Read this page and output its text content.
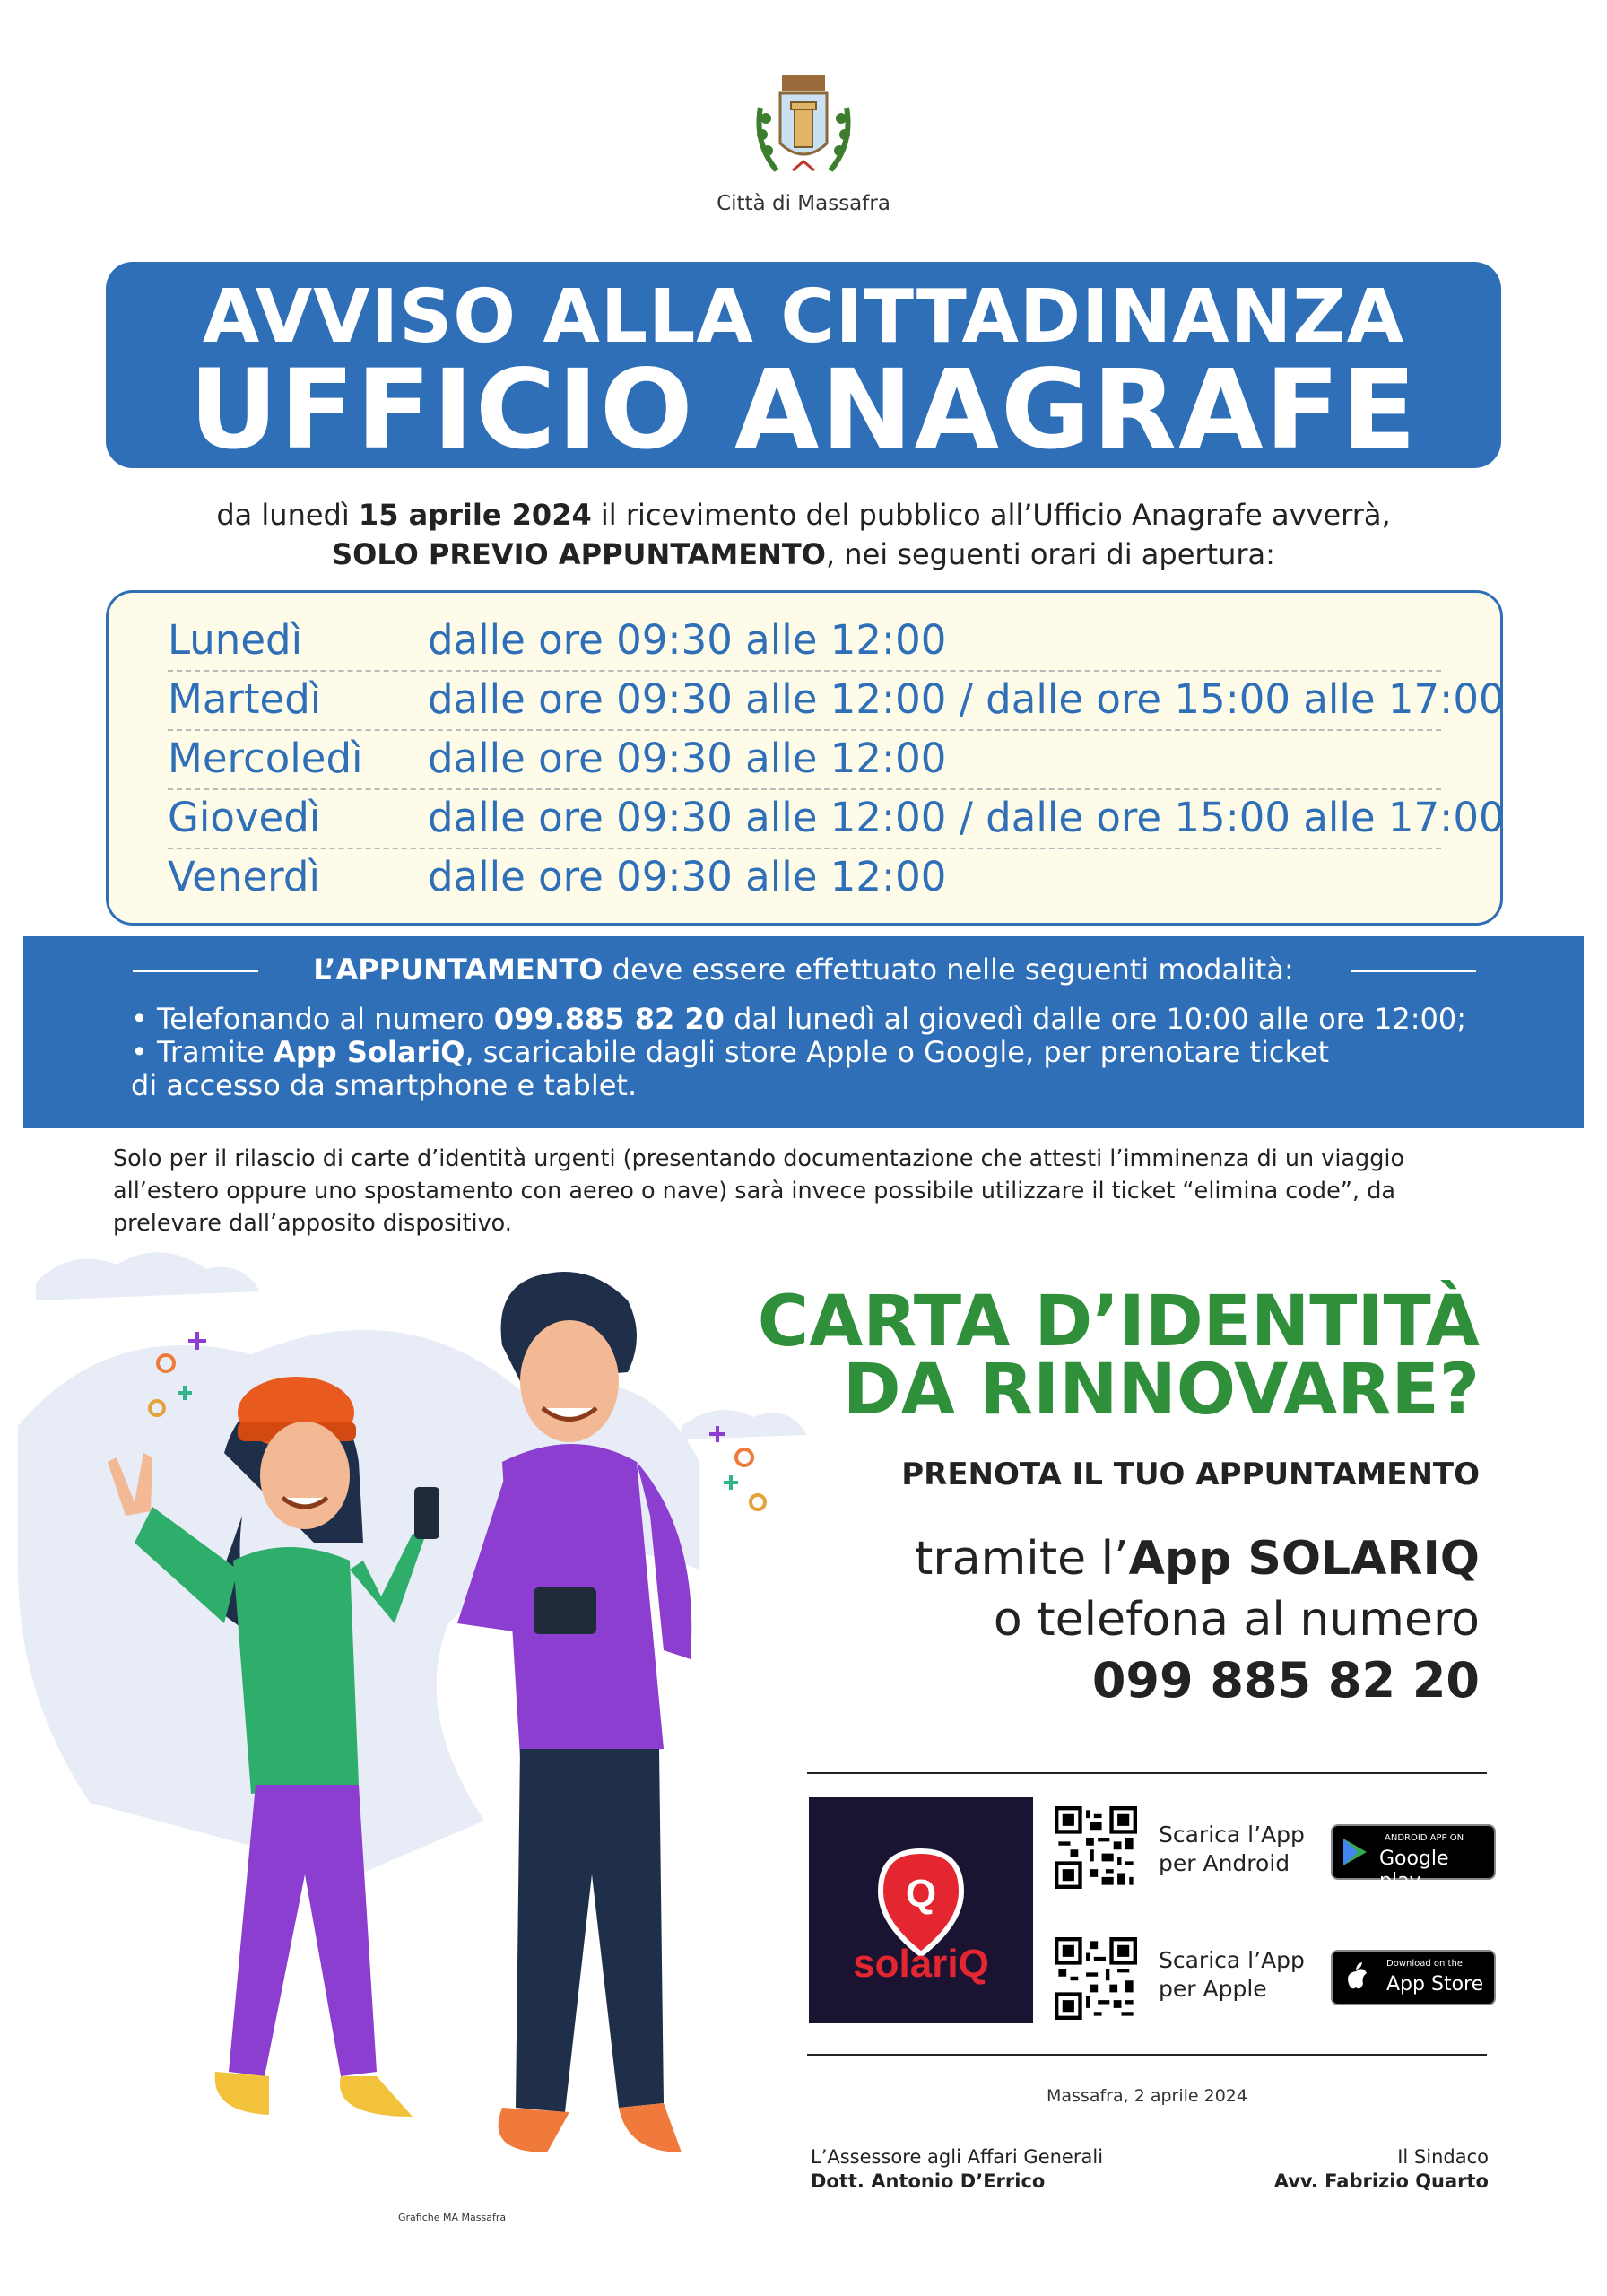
Città di Massafra
AVVISO ALLA CITTADINANZA
UFFICIO ANAGRAFE
da lunedì 15 aprile 2024 il ricevimento del pubblico all’Ufficio Anagrafe avverrà,
SOLO PREVIO APPUNTAMENTO, nei seguenti orari di apertura:
Lunedì	dalle ore 09:30 alle 12:00
Martedì	dalle ore 09:30 alle 12:00 / dalle ore 15:00 alle 17:00
Mercoledì dalle ore 09:30 alle 12:00
Giovedì	dalle ore 09:30 alle 12:00 / dalle ore 15:00 alle 17:00
Venerdì	dalle ore 09:30 alle 12:00
L’APPUNTAMENTO deve essere effettuato nelle seguenti modalità:
• Telefonando al numero 099.885 82 20 dal lunedì al giovedì dalle ore 10:00 alle ore 12:00;
• Tramite App SolariQ, scaricabile dagli store Apple o Google, per prenotare ticket
di accesso da smartphone e tablet.
Solo per il rilascio di carte d’identità urgenti (presentando documentazione che attesti l’imminenza di un viaggio all’estero oppure uno spostamento con aereo o nave) sarà invece possibile utilizzare il ticket “elimina code”, da prelevare dall’apposito dispositivo.
CARTA D’IDENTITÀ
DA RINNOVARE?
PRENOTA IL TUO APPUNTAMENTO
tramite l’App SOLARIQ
o telefona al numero
099 885 82 20
Q
solariQ
Scarica l’App
per Android
ANDROID APP ON
Google play
Scarica l’App
per Apple
Download on the
App Store
Massafra, 2 aprile 2024
L’Assessore agli Affari Generali
Dott. Antonio D’Errico
Il Sindaco
Avv. Fabrizio Quarto
Grafiche MA Massafra
